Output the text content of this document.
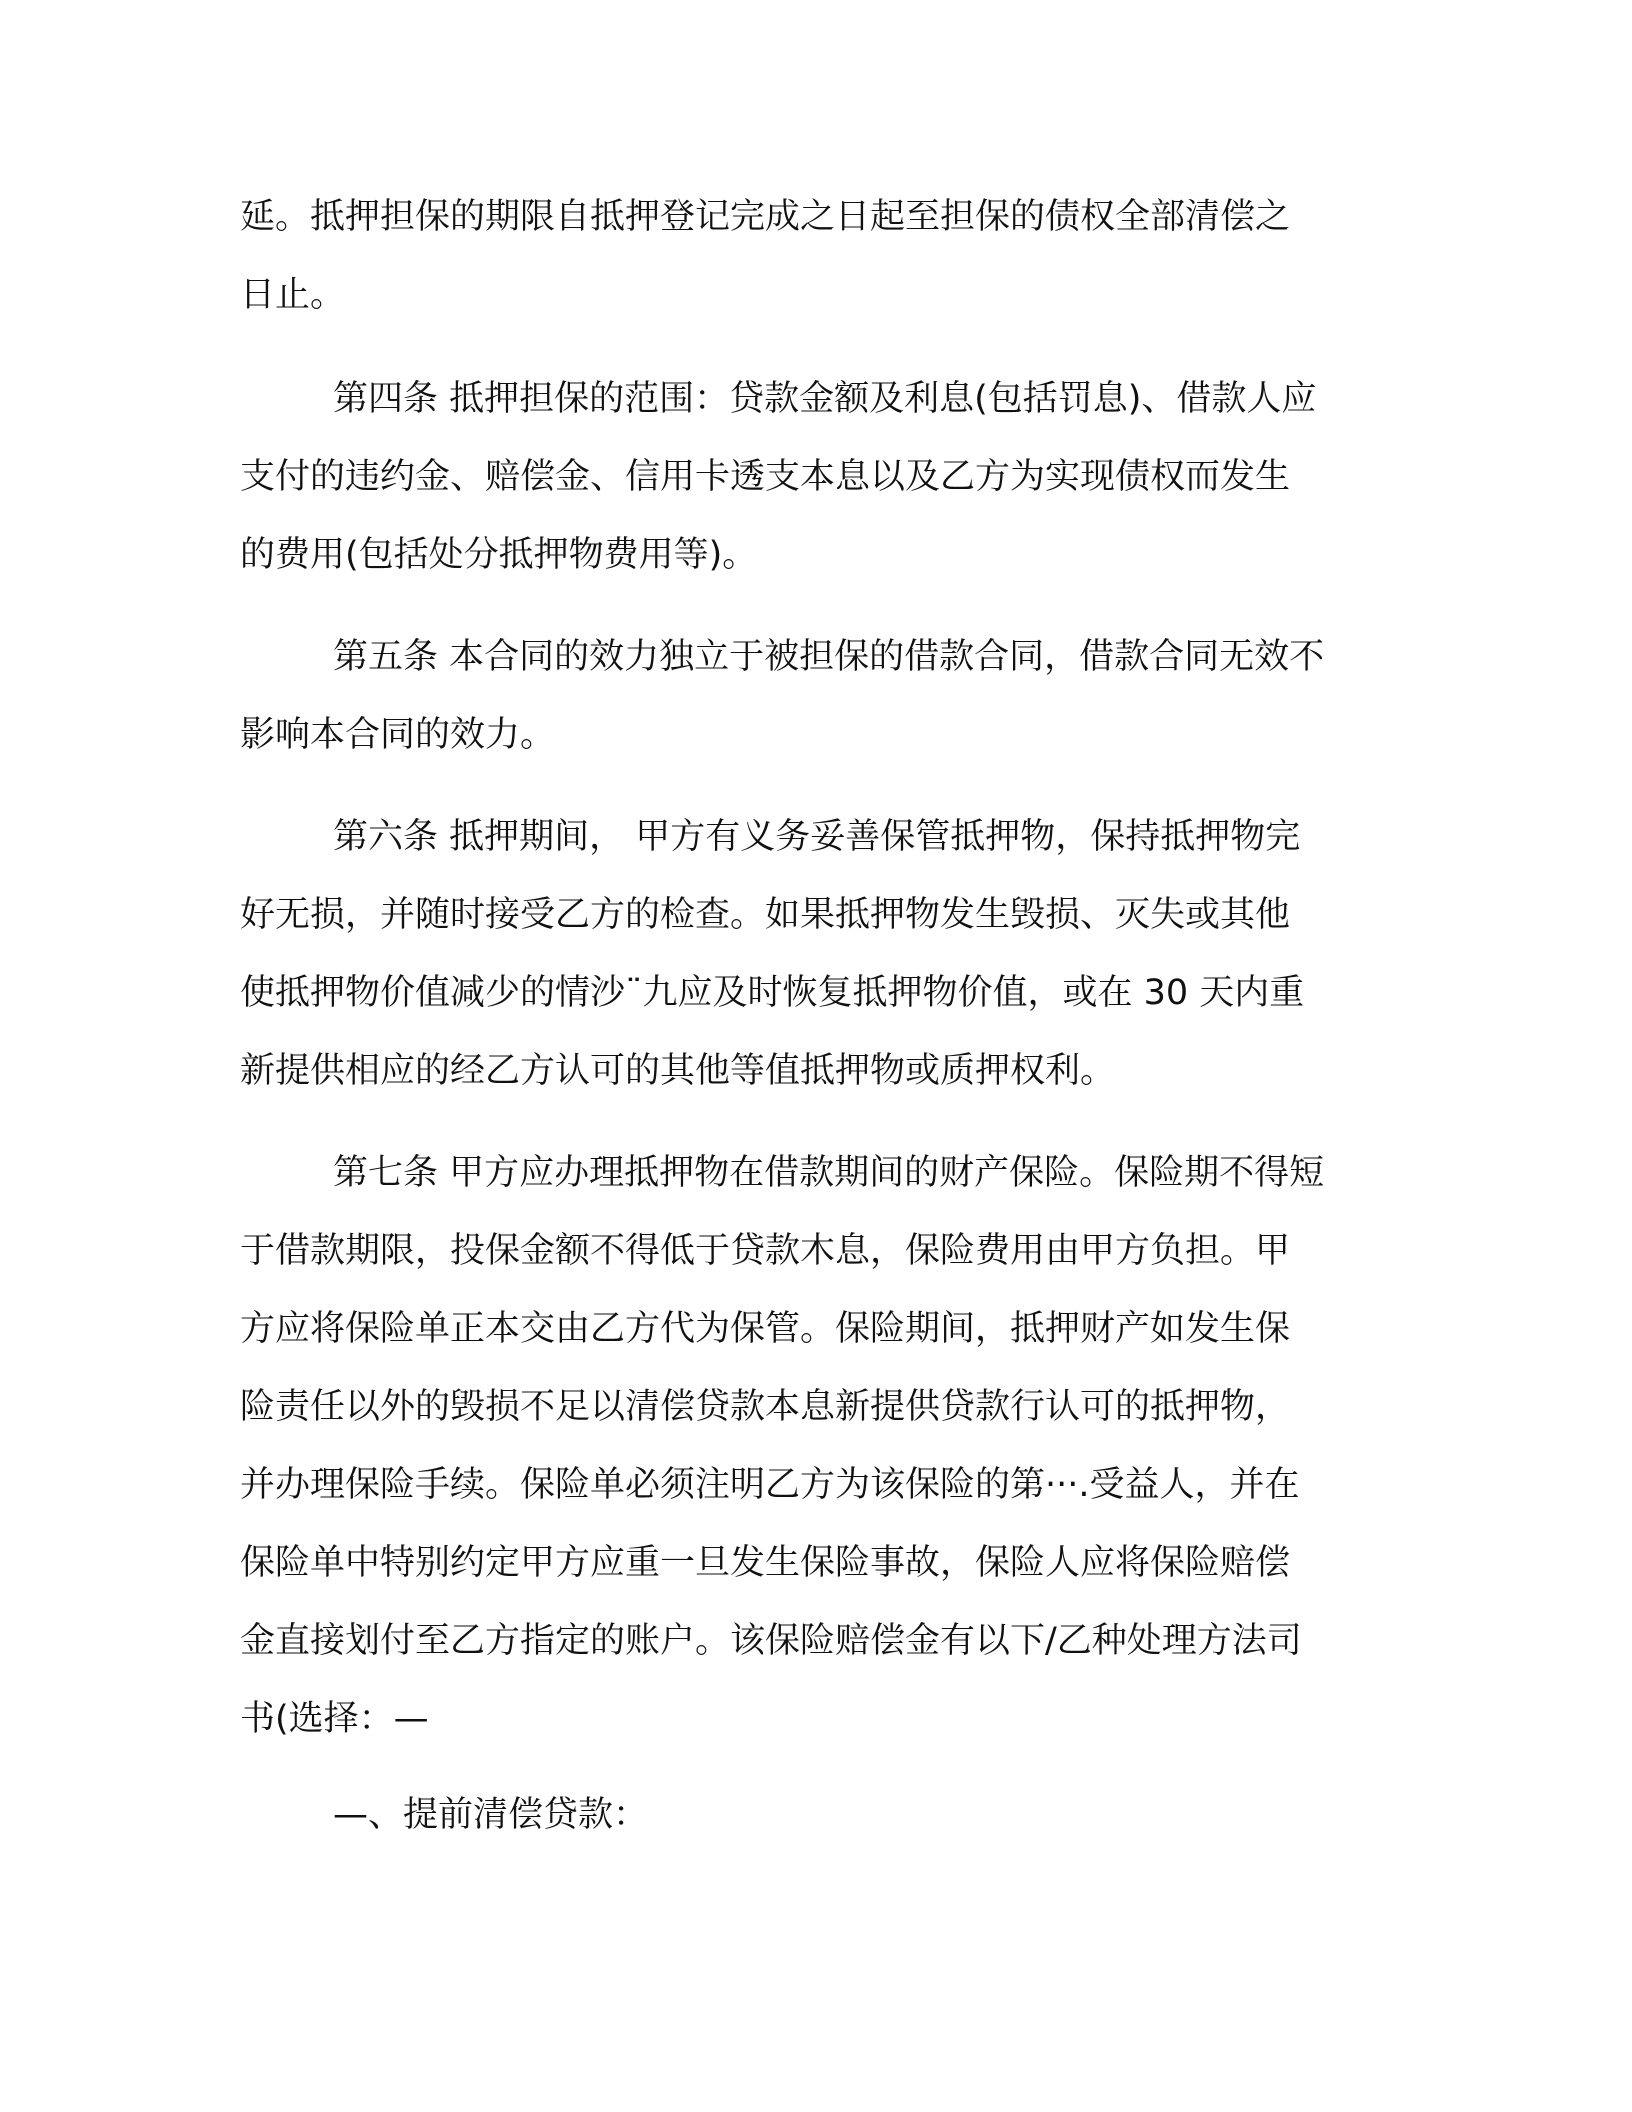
延。抵押担保的期限自抵押登记完成之日起至担保的债权全部清偿之
日止。
第四条 抵押担保的范围：贷款金额及利息(包括罚息)、借款人应
支付的违约金、赔偿金、信用卡透支本息以及乙方为实现债权而发生
的费用(包括处分抵押物费用等)。
第五条 本合同的效力独立于被担保的借款合同，借款合同无效不
影响本合同的效力。
第六条 抵押期间， 甲方有义务妥善保管抵押物，保持抵押物完
好无损，并随时接受乙方的检查。如果抵押物发生毁损、灭失或其他
使抵押物价值减少的情沙¨九应及时恢复抵押物价值，或在 30 天内重
新提供相应的经乙方认可的其他等值抵押物或质押权利。
第七条 甲方应办理抵押物在借款期间的财产保险。保险期不得短
于借款期限，投保金额不得低于贷款木息，保险费用由甲方负担。甲
方应将保险单正本交由乙方代为保管。保险期间，抵押财产如发生保
险责任以外的毁损不足以清偿贷款本息新提供贷款行认可的抵押物，
并办理保险手续。保险单必须注明乙方为该保险的第···.受益人，并在
保险单中特别约定甲方应重一旦发生保险事故，保险人应将保险赔偿
金直接划付至乙方指定的账户。该保险赔偿金有以下/乙种处理方法司
书(选择：—
—、提前清偿贷款：
